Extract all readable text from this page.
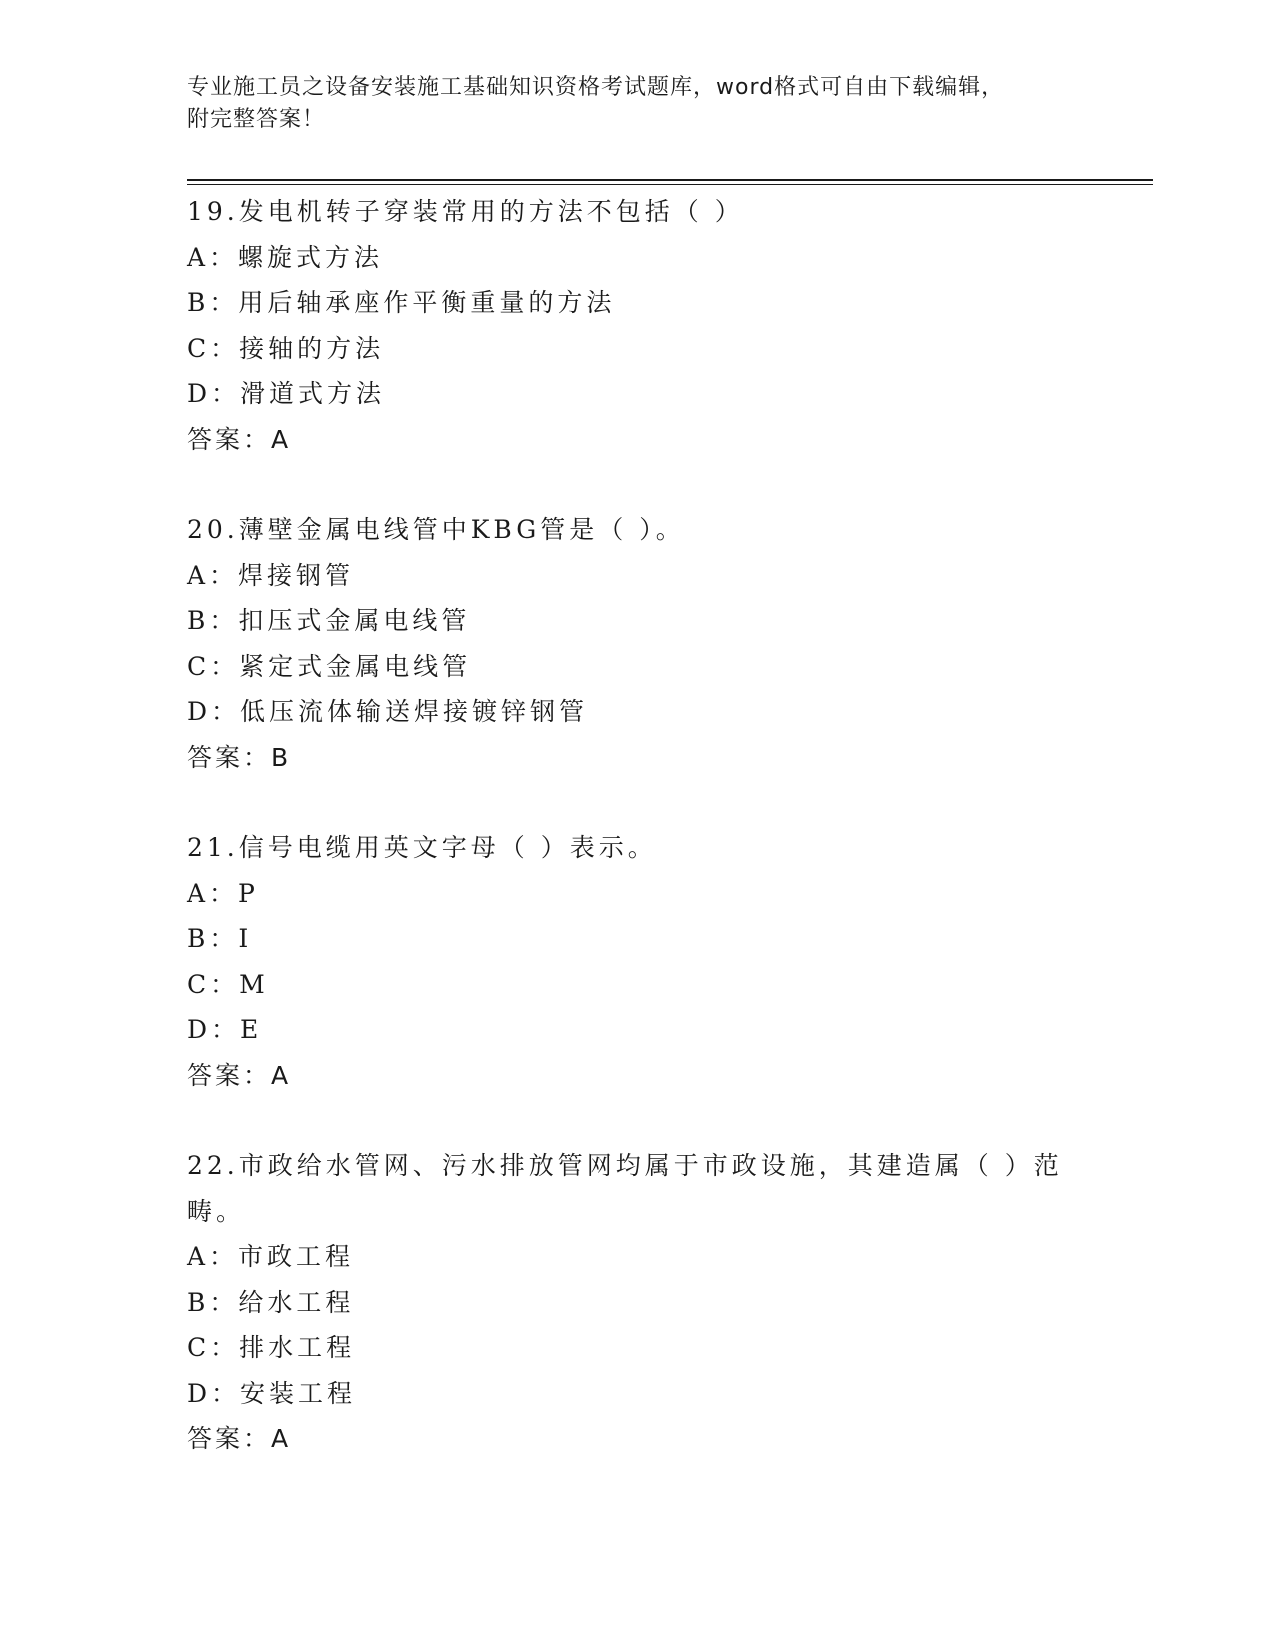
专业施工员之设备安装施工基础知识资格考试题库，word格式可自由下载编辑，
附完整答案！

19.发电机转子穿装常用的方法不包括（ ）

A：螺旋式方法

B：用后轴承座作平衡重量的方法

C：接轴的方法

D：滑道式方法

答案：A

20.薄壁金属电线管中KBG管是（ ）。

A：焊接钢管

B：扣压式金属电线管

C：紧定式金属电线管

D：低压流体输送焊接镀锌钢管

答案：B

21.信号电缆用英文字母（ ）表示。

A：P

B：I

C：M

D：E

答案：A

22.市政给水管网、污水排放管网均属于市政设施，其建造属（ ）范畴。

A：市政工程

B：给水工程

C：排水工程

D：安装工程

答案：A
